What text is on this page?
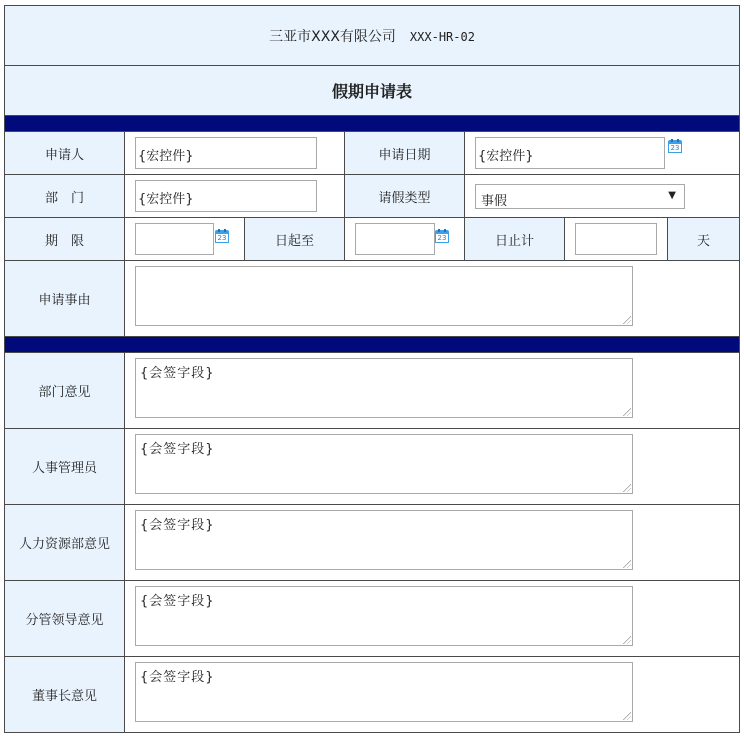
三亚市XXX有限公司 XXX-HR-02						
假期申请表						

申请人	{宏控件}		申请日期	{宏控件}
23		

部　门	{宏控件}		请假类型	事假 ▼		

期　限	23	日起至	23	日止计		天
申请事由						

部门意见	{会签字段}					

人事管理员	{会签字段}					

人力资源部意见	{会签字段}					

分管领导意见	{会签字段}					

董事长意见	{会签字段}					
